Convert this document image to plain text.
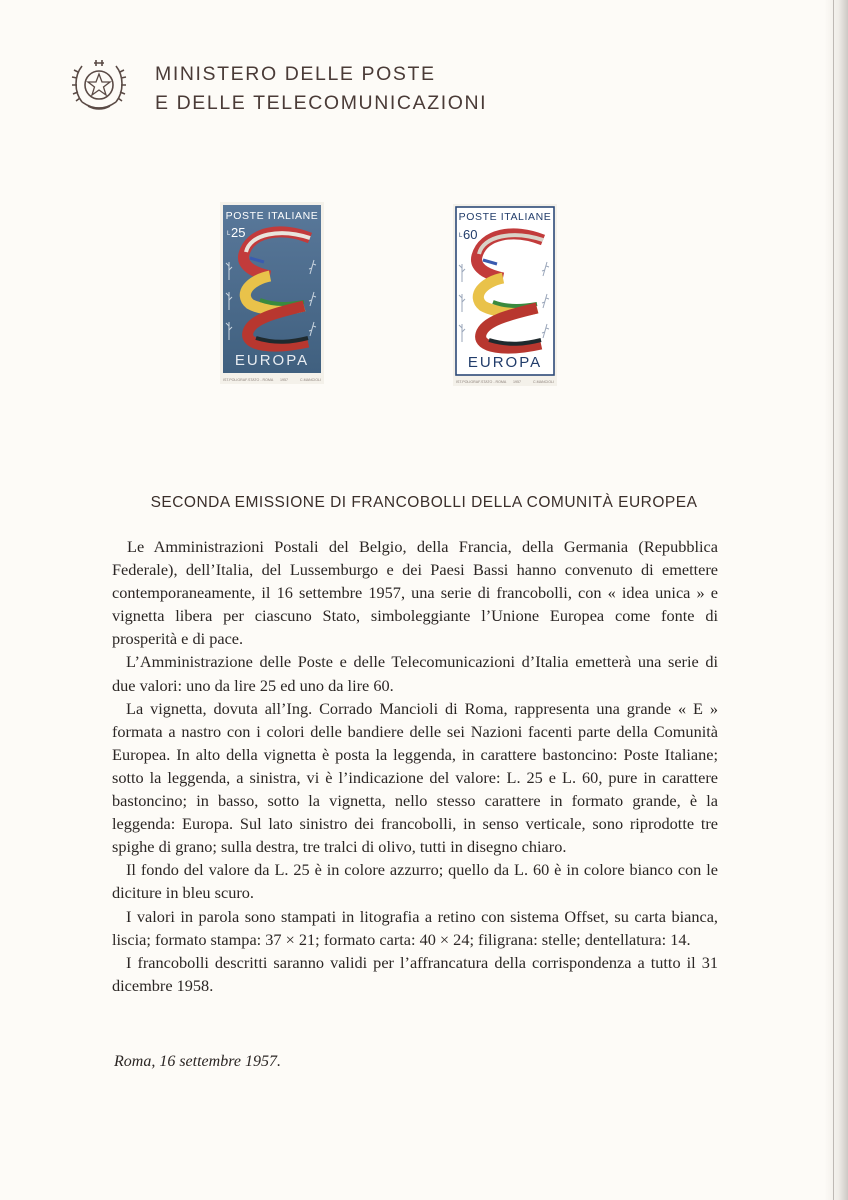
MINISTERO DELLE POSTE
E DELLE TELECOMUNICAZIONI
POSTE ITALIANE
L 25
EUROPA
IST.POLIGRAF.STATO - ROMA 1957	C.MANCIOLI
POSTE ITALIANE
L 60
EUROPA
IST.POLIGRAF.STATO - ROMA 1957	C.MANCIOLI
SECONDA EMISSIONE DI FRANCOBOLLI DELLA COMUNITÀ EUROPEA

Le Amministrazioni Postali del Belgio, della Francia, della Germania (Repubblica Federale), dell’Italia, del Lussemburgo e dei Paesi Bassi hanno convenuto di emettere contemporaneamente, il 16 settembre 1957, una serie di francobolli, con « idea unica » e vignetta libera per ciascuno Stato, simboleggiante l’Unione Europea come fonte di prosperità e di pace.

L’Amministrazione delle Poste e delle Telecomunicazioni d’Italia emetterà una serie di due valori: uno da lire 25 ed uno da lire 60.

La vignetta, dovuta all’Ing. Corrado Mancioli di Roma, rappresenta una grande « E » formata a nastro con i colori delle bandiere delle sei Nazioni facenti parte della Comunità Europea. In alto della vignetta è posta la leggenda, in carattere bastoncino: Poste Italiane; sotto la leggenda, a sinistra, vi è l’indicazione del valore: L. 25 e L. 60, pure in carattere bastoncino; in basso, sotto la vignetta, nello stesso carattere in formato grande, è la leggenda: Europa. Sul lato sinistro dei francobolli, in senso verticale, sono riprodotte tre spighe di grano; sulla destra, tre tralci di olivo, tutti in disegno chiaro.

Il fondo del valore da L. 25 è in colore azzurro; quello da L. 60 è in colore bianco con le diciture in bleu scuro.

I valori in parola sono stampati in litografia a retino con sistema Offset, su carta bianca, liscia; formato stampa: 37 × 21; formato carta: 40 × 24; filigrana: stelle; dentellatura: 14.

I francobolli descritti saranno validi per l’affrancatura della corrispondenza a tutto il 31 dicembre 1958.

Roma, 16 settembre 1957.
